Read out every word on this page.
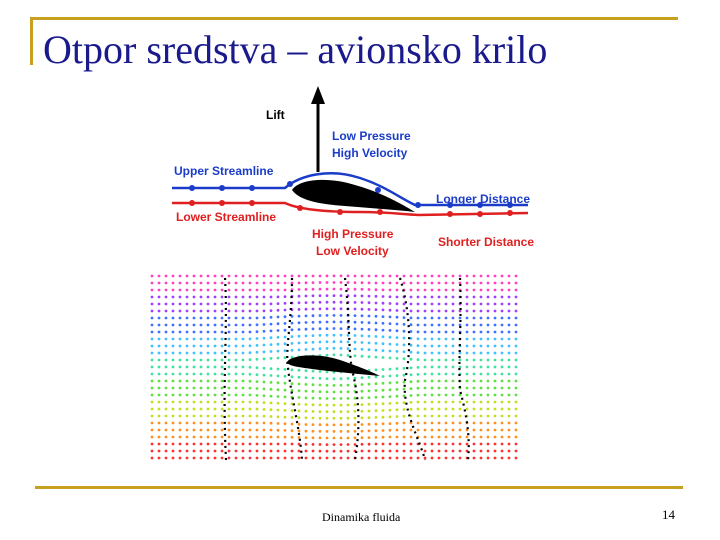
Otpor sredstva – avionsko krilo
Lift
Low Pressure
High Velocity
Upper Streamline
Lower Streamline
Longer Distance
High Pressure
Low Velocity
Shorter Distance
Dinamika fluida	14
